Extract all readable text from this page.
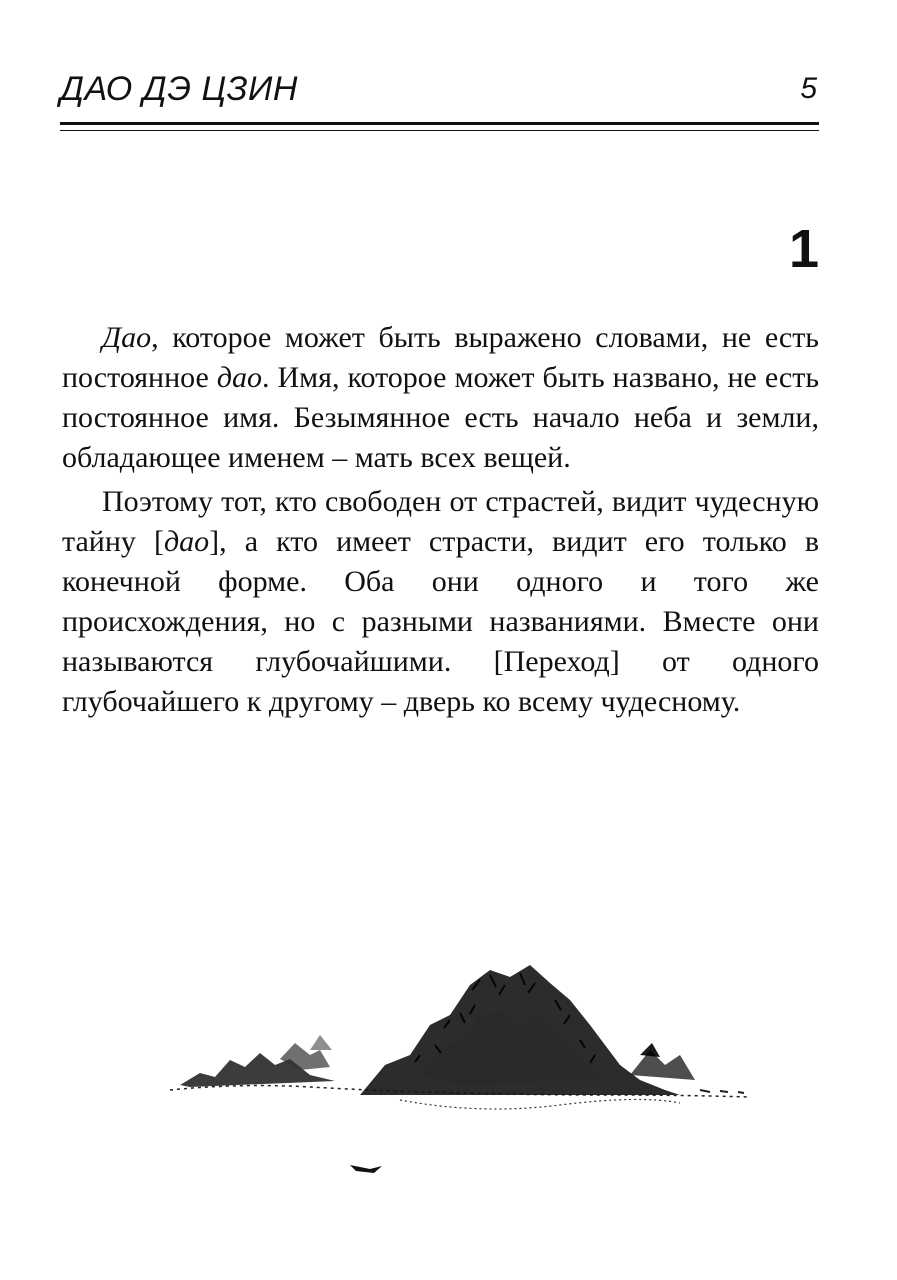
ДАО ДЭ ЦЗИН	5
1

Дао, которое может быть выражено словами, не есть постоянное дао. Имя, которое может быть названо, не есть постоянное имя. Безымянное есть начало неба и земли, обладающее именем – мать всех вещей.

Поэтому тот, кто свободен от страстей, видит чудесную тайну [дао], а кто имеет страсти, видит его только в конечной форме. Оба они одного и того же происхождения, но с разными названиями. Вместе они называются глубочайшими. [Переход] от одного глубочайшего к другому – дверь ко всему чудесному.
